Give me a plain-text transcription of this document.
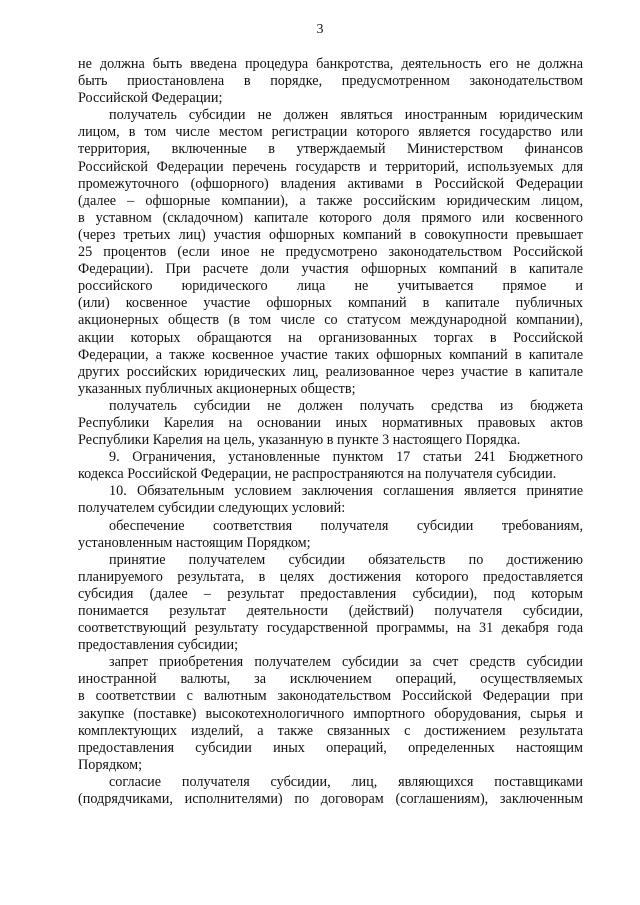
3
не должна быть введена процедура банкротства, деятельность его не должна
быть приостановлена в порядке, предусмотренном законодательством
Российской Федерации;
получатель субсидии не должен являться иностранным юридическим
лицом, в том числе местом регистрации которого является государство или
территория, включенные в утверждаемый Министерством финансов
Российской Федерации перечень государств и территорий, используемых для
промежуточного (офшорного) владения активами в Российской Федерации
(далее – офшорные компании), а также российским юридическим лицом,
в уставном (складочном) капитале которого доля прямого или косвенного
(через третьих лиц) участия офшорных компаний в совокупности превышает
25 процентов (если иное не предусмотрено законодательством Российской
Федерации). При расчете доли участия офшорных компаний в капитале
российского юридического лица не учитывается прямое и
(или) косвенное участие офшорных компаний в капитале публичных
акционерных обществ (в том числе со статусом международной компании),
акции которых обращаются на организованных торгах в Российской
Федерации, а также косвенное участие таких офшорных компаний в капитале
других российских юридических лиц, реализованное через участие в капитале
указанных публичных акционерных обществ;
получатель субсидии не должен получать средства из бюджета
Республики Карелия на основании иных нормативных правовых актов
Республики Карелия на цель, указанную в пункте 3 настоящего Порядка.
9. Ограничения, установленные пунктом 17 статьи 241 Бюджетного
кодекса Российской Федерации, не распространяются на получателя субсидии.
10. Обязательным условием заключения соглашения является принятие
получателем субсидии следующих условий:
обеспечение соответствия получателя субсидии требованиям,
установленным настоящим Порядком;
принятие получателем субсидии обязательств по достижению
планируемого результата, в целях достижения которого предоставляется
субсидия (далее – результат предоставления субсидии), под которым
понимается результат деятельности (действий) получателя субсидии,
соответствующий результату государственной программы, на 31 декабря года
предоставления субсидии;
запрет приобретения получателем субсидии за счет средств субсидии
иностранной валюты, за исключением операций, осуществляемых
в соответствии с валютным законодательством Российской Федерации при
закупке (поставке) высокотехнологичного импортного оборудования, сырья и
комплектующих изделий, а также связанных с достижением результата
предоставления субсидии иных операций, определенных настоящим
Порядком;
согласие получателя субсидии, лиц, являющихся поставщиками
(подрядчиками, исполнителями) по договорам (соглашениям), заключенным
